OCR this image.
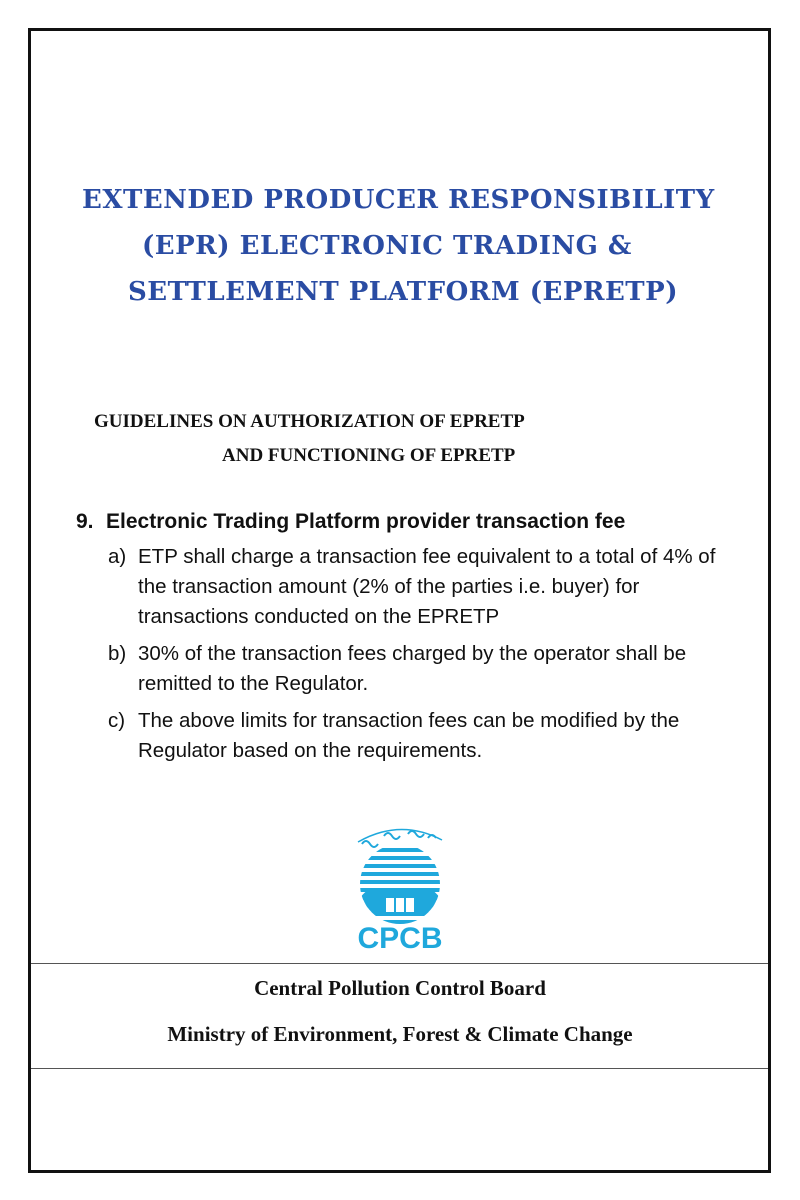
EXTENDED PRODUCER RESPONSIBILITY
(EPR) ELECTRONIC TRADING &
SETTLEMENT PLATFORM (EPRETP)
GUIDELINES ON AUTHORIZATION OF EPRETP
AND FUNCTIONING OF EPRETP
9. Electronic Trading Platform provider transaction fee
a) ETP shall charge a transaction fee equivalent to a total of 4% of the transaction amount (2% of the parties i.e. buyer) for transactions conducted on the EPRETP
b) 30% of the transaction fees charged by the operator shall be remitted to the Regulator.
c) The above limits for transaction fees can be modified by the Regulator based on the requirements.
CPCB
Central Pollution Control Board
Ministry of Environment, Forest & Climate Change
